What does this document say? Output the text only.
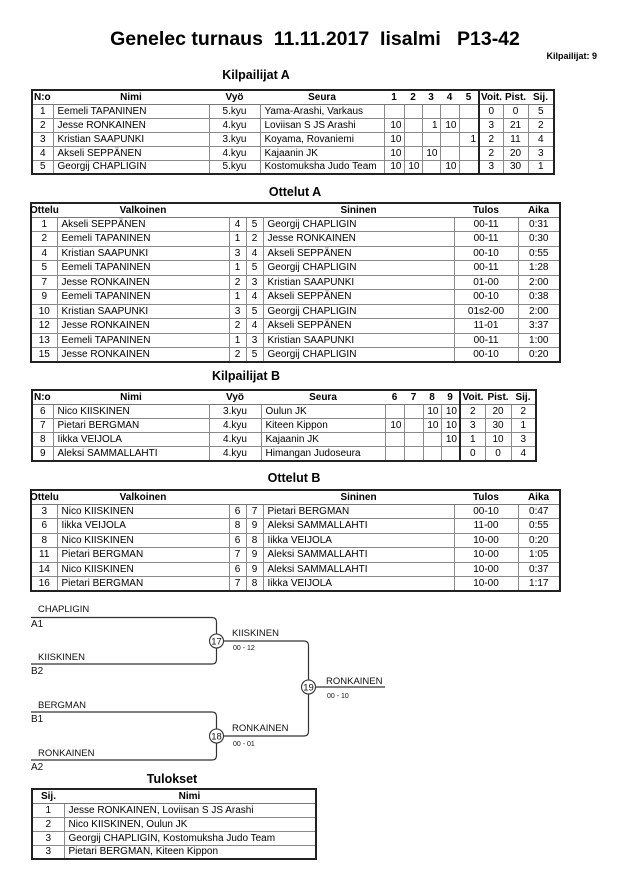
Genelec turnaus  11.11.2017  Iisalmi   P13-42
Kilpailijat: 9
Kilpailijat A
N:o	Nimi	Vyö	Seura	1	2	3	4	5	Voit.	Pist.	Sij.
1	Eemeli TAPANINEN	5.kyu	Yama-Arashi, Varkaus						0	0	5
2	Jesse RONKAINEN	4.kyu	Loviisan S JS Arashi	10		1	10		3	21	2
3	Kristian SAAPUNKI	3.kyu	Koyama, Rovaniemi	10				1	2	11	4
4	Akseli SEPPÄNEN	4.kyu	Kajaanin JK	10		10			2	20	3
5	Georgij CHAPLIGIN	5.kyu	Kostomuksha Judo Team	10	10		10		3	30	1
Ottelut A
Ottelu	Valkoinen			Sininen	Tulos	Aika
1	Akseli SEPPÄNEN	4	5	Georgij CHAPLIGIN	00-11	0:31
2	Eemeli TAPANINEN	1	2	Jesse RONKAINEN	00-11	0:30
4	Kristian SAAPUNKI	3	4	Akseli SEPPÄNEN	00-10	0:55
5	Eemeli TAPANINEN	1	5	Georgij CHAPLIGIN	00-11	1:28
7	Jesse RONKAINEN	2	3	Kristian SAAPUNKI	01-00	2:00
9	Eemeli TAPANINEN	1	4	Akseli SEPPÄNEN	00-10	0:38
10	Kristian SAAPUNKI	3	5	Georgij CHAPLIGIN	01s2-00	2:00
12	Jesse RONKAINEN	2	4	Akseli SEPPÄNEN	11-01	3:37
13	Eemeli TAPANINEN	1	3	Kristian SAAPUNKI	00-11	1:00
15	Jesse RONKAINEN	2	5	Georgij CHAPLIGIN	00-10	0:20
Kilpailijat B
N:o	Nimi	Vyö	Seura	6	7	8	9	Voit.	Pist.	Sij.
6	Nico KIISKINEN	3.kyu	Oulun JK			10	10	2	20	2
7	Pietari BERGMAN	4.kyu	Kiteen Kippon	10		10	10	3	30	1
8	Iikka VEIJOLA	4.kyu	Kajaanin JK				10	1	10	3
9	Aleksi SAMMALLAHTI	4.kyu	Himangan Judoseura					0	0	4
Ottelut B
Ottelu	Valkoinen			Sininen	Tulos	Aika
3	Nico KIISKINEN	6	7	Pietari BERGMAN	00-10	0:47
6	Iikka VEIJOLA	8	9	Aleksi SAMMALLAHTI	11-00	0:55
8	Nico KIISKINEN	6	8	Iikka VEIJOLA	10-00	0:20
11	Pietari BERGMAN	7	9	Aleksi SAMMALLAHTI	10-00	1:05
14	Nico KIISKINEN	6	9	Aleksi SAMMALLAHTI	10-00	0:37
16	Pietari BERGMAN	7	8	Iikka VEIJOLA	10-00	1:17
17
18
19
CHAPLIGIN
A1
KIISKINEN
B2
KIISKINEN
00 - 12
BERGMAN
B1
RONKAINEN
A2
RONKAINEN
00 - 01
RONKAINEN
00 - 10
Tulokset
Sij.	Nimi
1	Jesse RONKAINEN, Loviisan S JS Arashi
2	Nico KIISKINEN, Oulun JK
3	Georgij CHAPLIGIN, Kostomuksha Judo Team
3	Pietari BERGMAN, Kiteen Kippon
